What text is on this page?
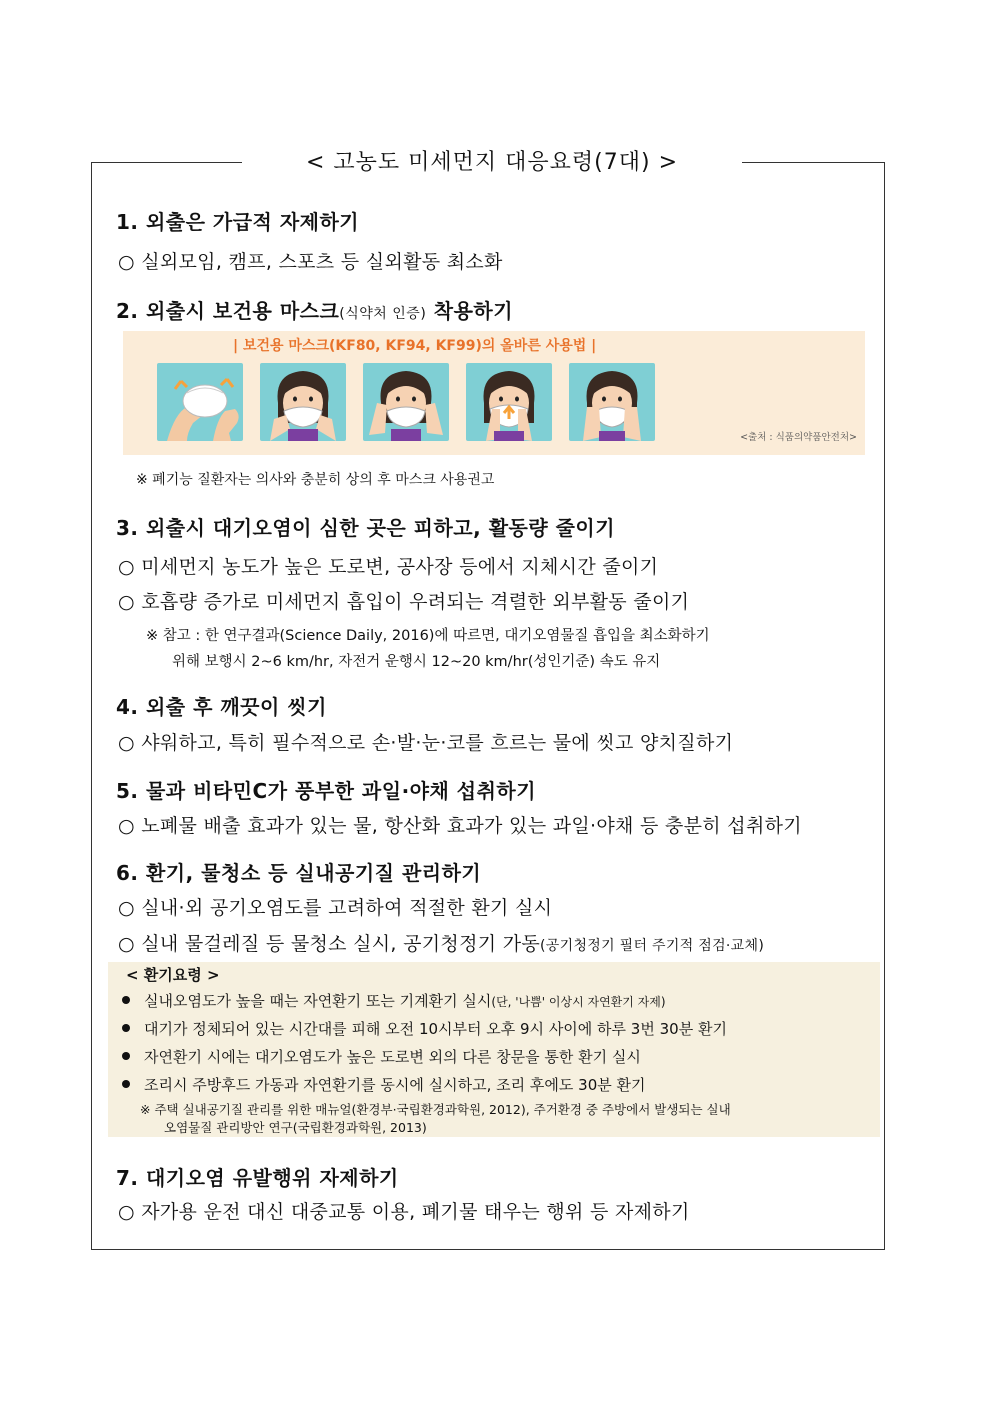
< 고농도 미세먼지 대응요령(7대) >
1. 외출은 가급적 자제하기
○ 실외모임, 캠프, 스포츠 등 실외활동 최소화
2. 외출시 보건용 마스크(식약처 인증) 착용하기
| 보건용 마스크(KF80, KF94, KF99)의 올바른 사용법 |
<출처 : 식품의약품안전처>
※ 폐기능 질환자는 의사와 충분히 상의 후 마스크 사용권고
3. 외출시 대기오염이 심한 곳은 피하고, 활동량 줄이기
○ 미세먼지 농도가 높은 도로변, 공사장 등에서 지체시간 줄이기
○ 호흡량 증가로 미세먼지 흡입이 우려되는 격렬한 외부활동 줄이기
※ 참고 : 한 연구결과(Science Daily, 2016)에 따르면, 대기오염물질 흡입을 최소화하기
위해 보행시 2~6 km/hr, 자전거 운행시 12~20 km/hr(성인기준) 속도 유지
4. 외출 후 깨끗이 씻기
○ 샤워하고, 특히 필수적으로 손·발·눈·코를 흐르는 물에 씻고 양치질하기
5. 물과 비타민C가 풍부한 과일·야채 섭취하기
○ 노폐물 배출 효과가 있는 물, 항산화 효과가 있는 과일·야채 등 충분히 섭취하기
6. 환기, 물청소 등 실내공기질 관리하기
○ 실내·외 공기오염도를 고려하여 적절한 환기 실시
○ 실내 물걸레질 등 물청소 실시, 공기청정기 가동(공기청정기 필터 주기적 점검·교체)
< 환기요령 >
실내오염도가 높을 때는 자연환기 또는 기계환기 실시(단, '나쁨' 이상시 자연환기 자제)
대기가 정체되어 있는 시간대를 피해 오전 10시부터 오후 9시 사이에 하루 3번 30분 환기
자연환기 시에는 대기오염도가 높은 도로변 외의 다른 창문을 통한 환기 실시
조리시 주방후드 가동과 자연환기를 동시에 실시하고, 조리 후에도 30분 환기
※ 주택 실내공기질 관리를 위한 매뉴얼(환경부·국립환경과학원, 2012), 주거환경 중 주방에서 발생되는 실내
오염물질 관리방안 연구(국립환경과학원, 2013)
7. 대기오염 유발행위 자제하기
○ 자가용 운전 대신 대중교통 이용, 폐기물 태우는 행위 등 자제하기
